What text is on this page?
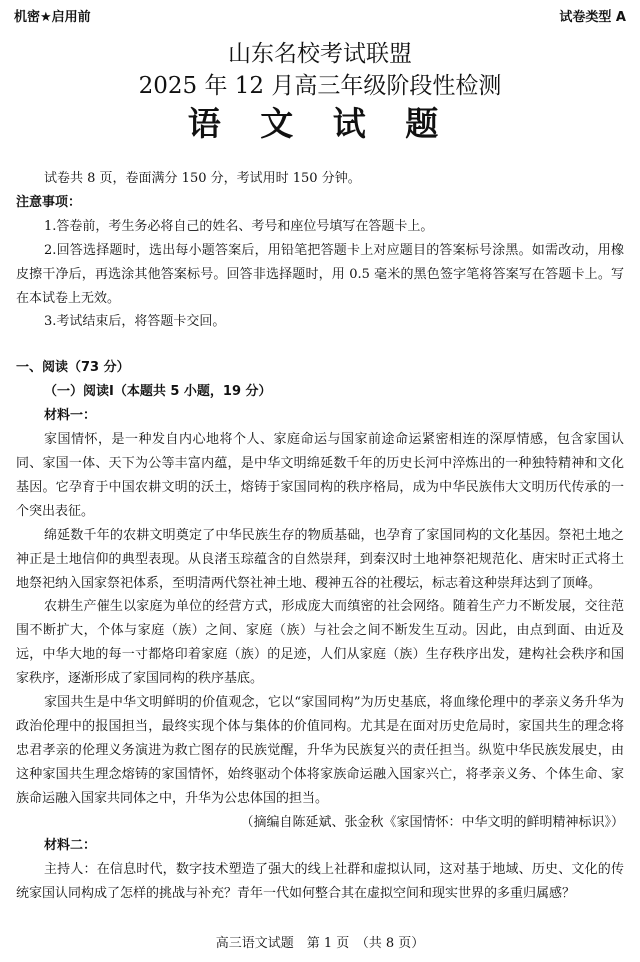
机密★启用前	试卷类型 A
山东名校考试联盟
2025 年 12 月高三年级阶段性检测
语 文 试 题

试卷共 8 页，卷面满分 150 分，考试用时 150 分钟。

注意事项：

1.答卷前，考生务必将自己的姓名、考号和座位号填写在答题卡上。

2.回答选择题时，选出每小题答案后，用铅笔把答题卡上对应题目的答案标号涂黑。如需改动，用橡皮擦干净后，再选涂其他答案标号。回答非选择题时，用 0.5 毫米的黑色签字笔将答案写在答题卡上。写在本试卷上无效。

3.考试结束后，将答题卡交回。

一、阅读（73 分）

（一）阅读Ⅰ（本题共 5 小题，19 分）

材料一：

家国情怀，是一种发自内心地将个人、家庭命运与国家前途命运紧密相连的深厚情感，包含家国认同、家国一体、天下为公等丰富内蕴，是中华文明绵延数千年的历史长河中淬炼出的一种独特精神和文化基因。它孕育于中国农耕文明的沃土，熔铸于家国同构的秩序格局，成为中华民族伟大文明历代传承的一个突出表征。

绵延数千年的农耕文明奠定了中华民族生存的物质基础，也孕育了家国同构的文化基因。祭祀土地之神正是土地信仰的典型表现。从良渚玉琮蕴含的自然崇拜，到秦汉时土地神祭祀规范化、唐宋时正式将土地祭祀纳入国家祭祀体系，至明清两代祭社神土地、稷神五谷的社稷坛，标志着这种崇拜达到了顶峰。

农耕生产催生以家庭为单位的经营方式，形成庞大而缜密的社会网络。随着生产力不断发展，交往范围不断扩大，个体与家庭（族）之间、家庭（族）与社会之间不断发生互动。因此，由点到面、由近及远，中华大地的每一寸都烙印着家庭（族）的足迹，人们从家庭（族）生存秩序出发，建构社会秩序和国家秩序，逐渐形成了家国同构的秩序基底。

家国共生是中华文明鲜明的价值观念，它以“家国同构”为历史基底，将血缘伦理中的孝亲义务升华为政治伦理中的报国担当，最终实现个体与集体的价值同构。尤其是在面对历史危局时，家国共生的理念将忠君孝亲的伦理义务演进为救亡图存的民族觉醒，升华为民族复兴的责任担当。纵览中华民族发展史，由这种家国共生理念熔铸的家国情怀，始终驱动个体将家族命运融入国家兴亡，将孝亲义务、个体生命、家族命运融入国家共同体之中，升华为公忠体国的担当。

（摘编自陈延斌、张金秋《家国情怀：中华文明的鲜明精神标识》）

材料二：

主持人：在信息时代，数字技术塑造了强大的线上社群和虚拟认同，这对基于地域、历史、文化的传统家国认同构成了怎样的挑战与补充？青年一代如何整合其在虚拟空间和现实世界的多重归属感？

高三语文试题　第 1 页　（共 8 页）
